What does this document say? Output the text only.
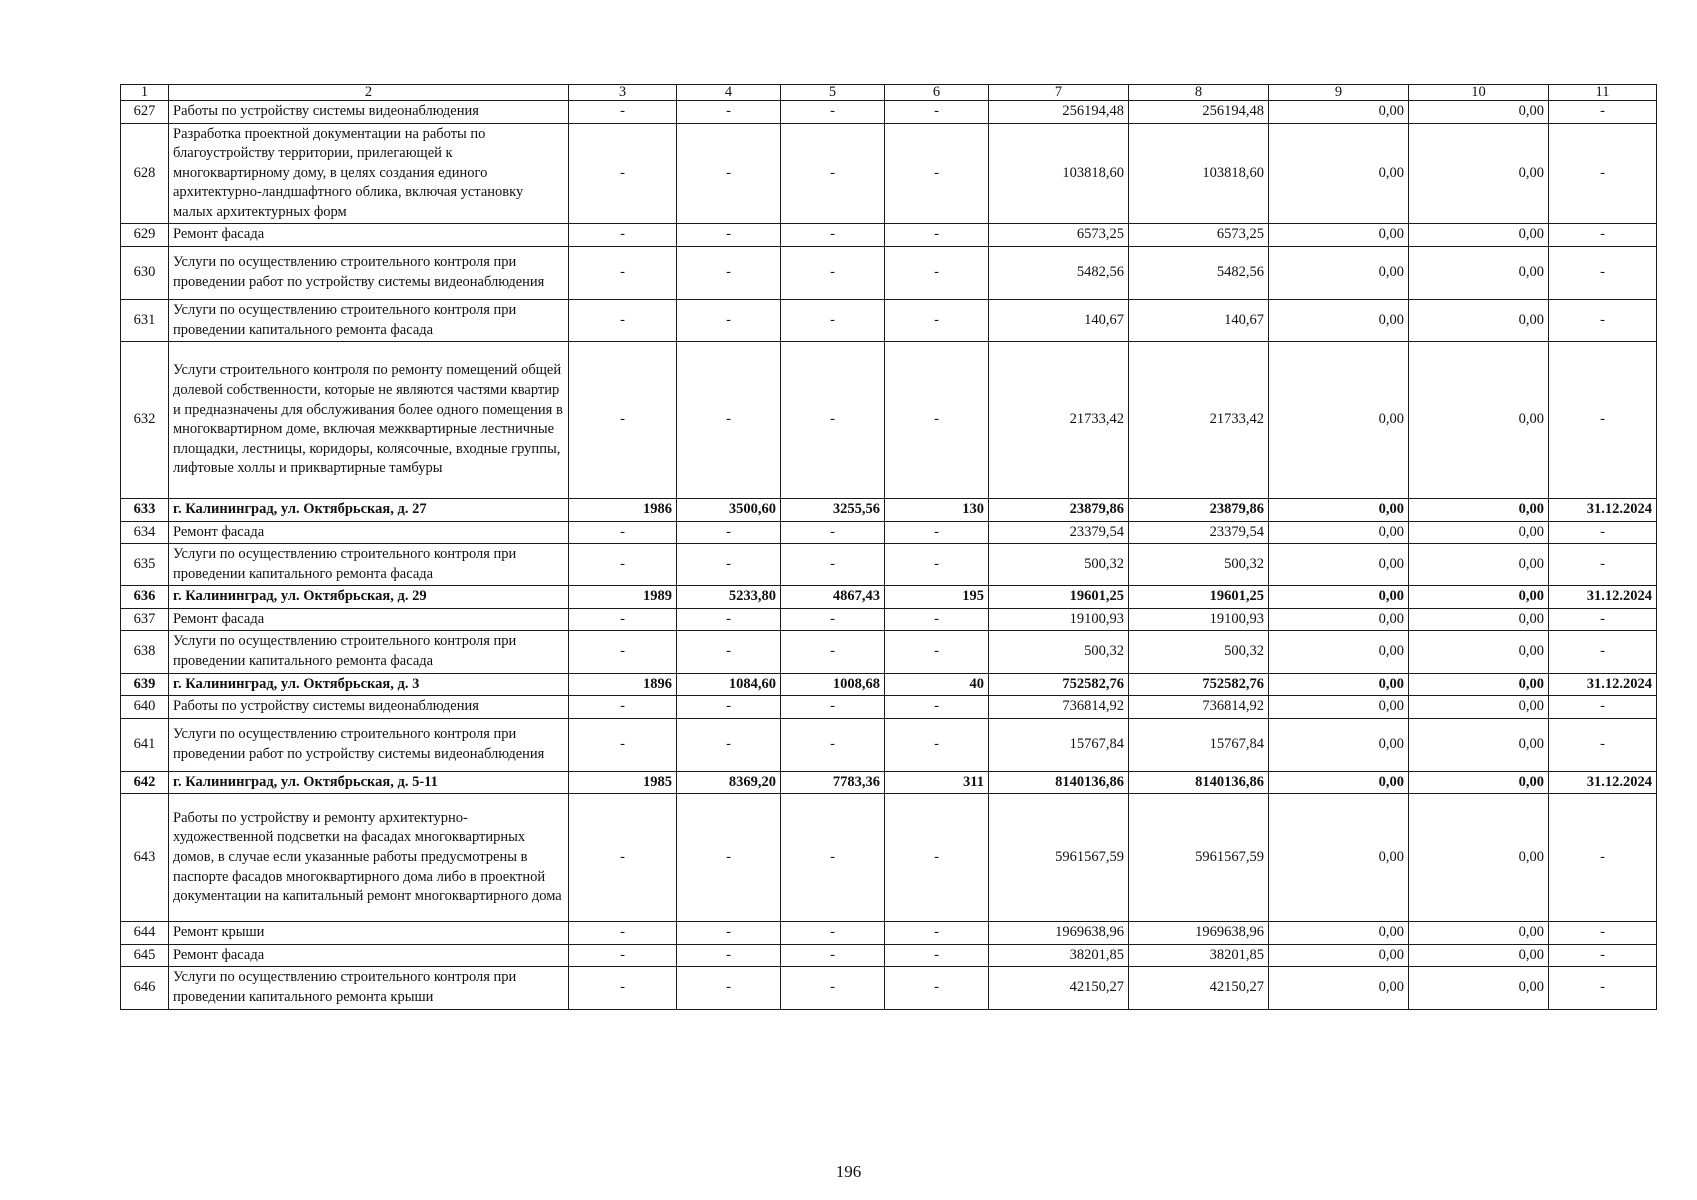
1	2	3	4	5	6	7	8	9	10	11
627	Работы по устройству системы видеонаблюдения	-	-	-	-	256194,48	256194,48	0,00	0,00	-
628	Разработка проектной документации на работы по благоустройству территории, прилегающей к многоквартирному дому, в целях создания единого архитектурно-ландшафтного облика, включая установку малых архитектурных форм	-	-	-	-	103818,60	103818,60	0,00	0,00	-
629	Ремонт фасада	-	-	-	-	6573,25	6573,25	0,00	0,00	-
630	Услуги по осуществлению строительного контроля при проведении работ по устройству системы видеонаблюдения	-	-	-	-	5482,56	5482,56	0,00	0,00	-
631	Услуги по осуществлению строительного контроля при проведении капитального ремонта фасада	-	-	-	-	140,67	140,67	0,00	0,00	-
632	Услуги строительного контроля по ремонту помещений общей долевой собственности, которые не являются частями квартир и предназначены для обслуживания более одного помещения в многоквартирном доме, включая межквартирные лестничные площадки, лестницы, коридоры, колясочные, входные группы, лифтовые холлы и приквартирные тамбуры	-	-	-	-	21733,42	21733,42	0,00	0,00	-
633	г. Калининград, ул. Октябрьская, д. 27	1986	3500,60	3255,56	130	23879,86	23879,86	0,00	0,00	31.12.2024
634	Ремонт фасада	-	-	-	-	23379,54	23379,54	0,00	0,00	-
635	Услуги по осуществлению строительного контроля при проведении капитального ремонта фасада	-	-	-	-	500,32	500,32	0,00	0,00	-
636	г. Калининград, ул. Октябрьская, д. 29	1989	5233,80	4867,43	195	19601,25	19601,25	0,00	0,00	31.12.2024
637	Ремонт фасада	-	-	-	-	19100,93	19100,93	0,00	0,00	-
638	Услуги по осуществлению строительного контроля при проведении капитального ремонта фасада	-	-	-	-	500,32	500,32	0,00	0,00	-
639	г. Калининград, ул. Октябрьская, д. 3	1896	1084,60	1008,68	40	752582,76	752582,76	0,00	0,00	31.12.2024
640	Работы по устройству системы видеонаблюдения	-	-	-	-	736814,92	736814,92	0,00	0,00	-
641	Услуги по осуществлению строительного контроля при проведении работ по устройству системы видеонаблюдения	-	-	-	-	15767,84	15767,84	0,00	0,00	-
642	г. Калининград, ул. Октябрьская, д. 5-11	1985	8369,20	7783,36	311	8140136,86	8140136,86	0,00	0,00	31.12.2024
643	Работы по устройству и ремонту архитектурно-художественной подсветки на фасадах многоквартирных домов, в случае если указанные работы предусмотрены в паспорте фасадов многоквартирного дома либо в проектной документации на капитальный ремонт многоквартирного дома	-	-	-	-	5961567,59	5961567,59	0,00	0,00	-
644	Ремонт крыши	-	-	-	-	1969638,96	1969638,96	0,00	0,00	-
645	Ремонт фасада	-	-	-	-	38201,85	38201,85	0,00	0,00	-
646	Услуги по осуществлению строительного контроля при проведении капитального ремонта крыши	-	-	-	-	42150,27	42150,27	0,00	0,00	-
196
